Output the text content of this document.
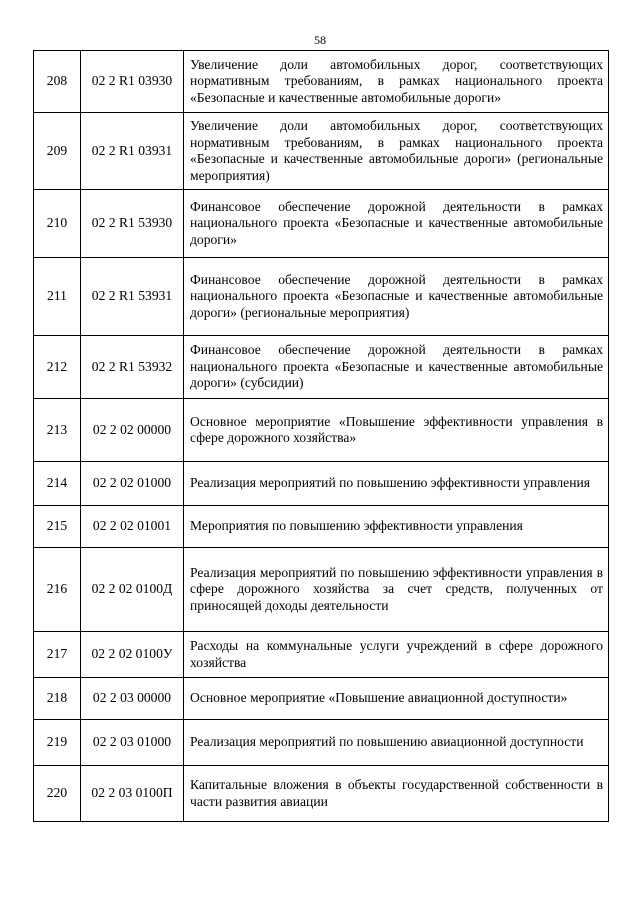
58
208	02 2 R1 03930	Увеличение доли автомобильных дорог, соответствующих нормативным требованиям, в рамках национального проекта «Безопасные и качественные автомобильные дороги»
209	02 2 R1 03931	Увеличение доли автомобильных дорог, соответствующих нормативным требованиям, в рамках национального проекта «Безопасные и качественные автомобильные дороги» (региональные мероприятия)
210	02 2 R1 53930	Финансовое обеспечение дорожной деятельности в рамках национального проекта «Безопасные и качественные автомобильные дороги»
211	02 2 R1 53931	Финансовое обеспечение дорожной деятельности в рамках национального проекта «Безопасные и качественные автомобильные дороги» (региональные мероприятия)
212	02 2 R1 53932	Финансовое обеспечение дорожной деятельности в рамках национального проекта «Безопасные и качественные автомобильные дороги» (субсидии)
213	02 2 02 00000	Основное мероприятие «Повышение эффективности управления в сфере дорожного хозяйства»
214	02 2 02 01000	Реализация мероприятий по повышению эффективности управления
215	02 2 02 01001	Мероприятия по повышению эффективности управления
216	02 2 02 0100Д	Реализация мероприятий по повышению эффективности управления в сфере дорожного хозяйства за счет средств, полученных от приносящей доходы деятельности
217	02 2 02 0100У	Расходы на коммунальные услуги учреждений в сфере дорожного хозяйства
218	02 2 03 00000	Основное мероприятие «Повышение авиационной доступности»
219	02 2 03 01000	Реализация мероприятий по повышению авиационной доступности
220	02 2 03 0100П	Капитальные вложения в объекты государственной собственности в части развития авиации
